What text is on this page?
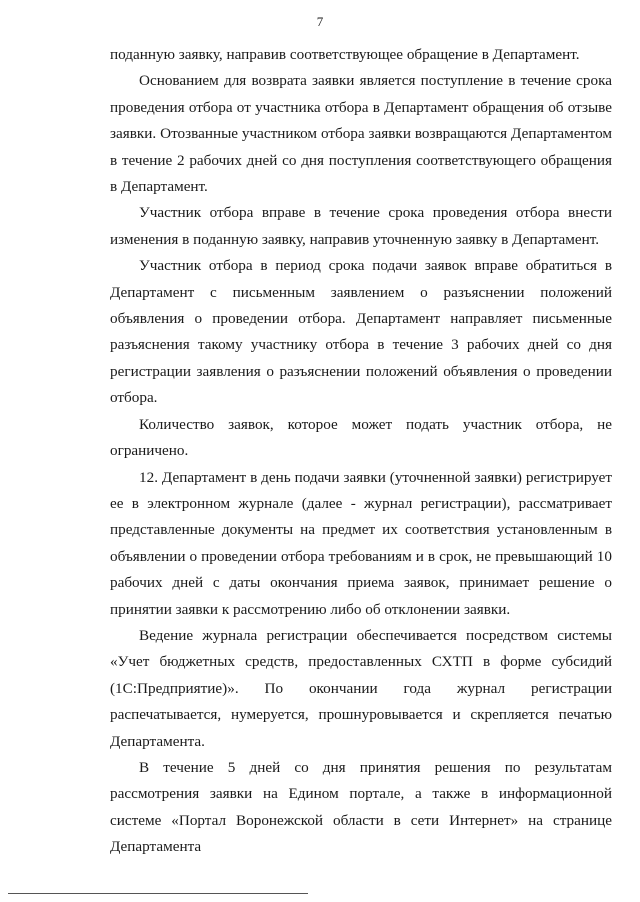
7

поданную заявку, направив соответствующее обращение в Департамент.

Основанием для возврата заявки является поступление в течение срока проведения отбора от участника отбора в Департамент обращения об отзыве заявки. Отозванные участником отбора заявки возвращаются Департаментом в течение 2 рабочих дней со дня поступления соответствующего обращения в Департамент.

Участник отбора вправе в течение срока проведения отбора внести изменения в поданную заявку, направив уточненную заявку в Департамент.

Участник отбора в период срока подачи заявок вправе обратиться в Департамент с письменным заявлением о разъяснении положений объявления о проведении отбора. Департамент направляет письменные разъяснения такому участнику отбора в течение 3 рабочих дней со дня регистрации заявления о разъяснении положений объявления о проведении отбора.

Количество заявок, которое может подать участник отбора, не ограничено.

12. Департамент в день подачи заявки (уточненной заявки) регистрирует ее в электронном журнале (далее - журнал регистрации), рассматривает представленные документы на предмет их соответствия установленным в объявлении о проведении отбора требованиям и в срок, не превышающий 10 рабочих дней с даты окончания приема заявок, принимает решение о принятии заявки к рассмотрению либо об отклонении заявки.

Ведение журнала регистрации обеспечивается посредством системы «Учет бюджетных средств, предоставленных СХТП в форме субсидий (1С:Предприятие)». По окончании года журнал регистрации распечатывается, нумеруется, прошнуровывается и скрепляется печатью Департамента.

В течение 5 дней со дня принятия решения по результатам рассмотрения заявки на Едином портале, а также в информационной системе «Портал Воронежской области в сети Интернет» на странице Департамента
